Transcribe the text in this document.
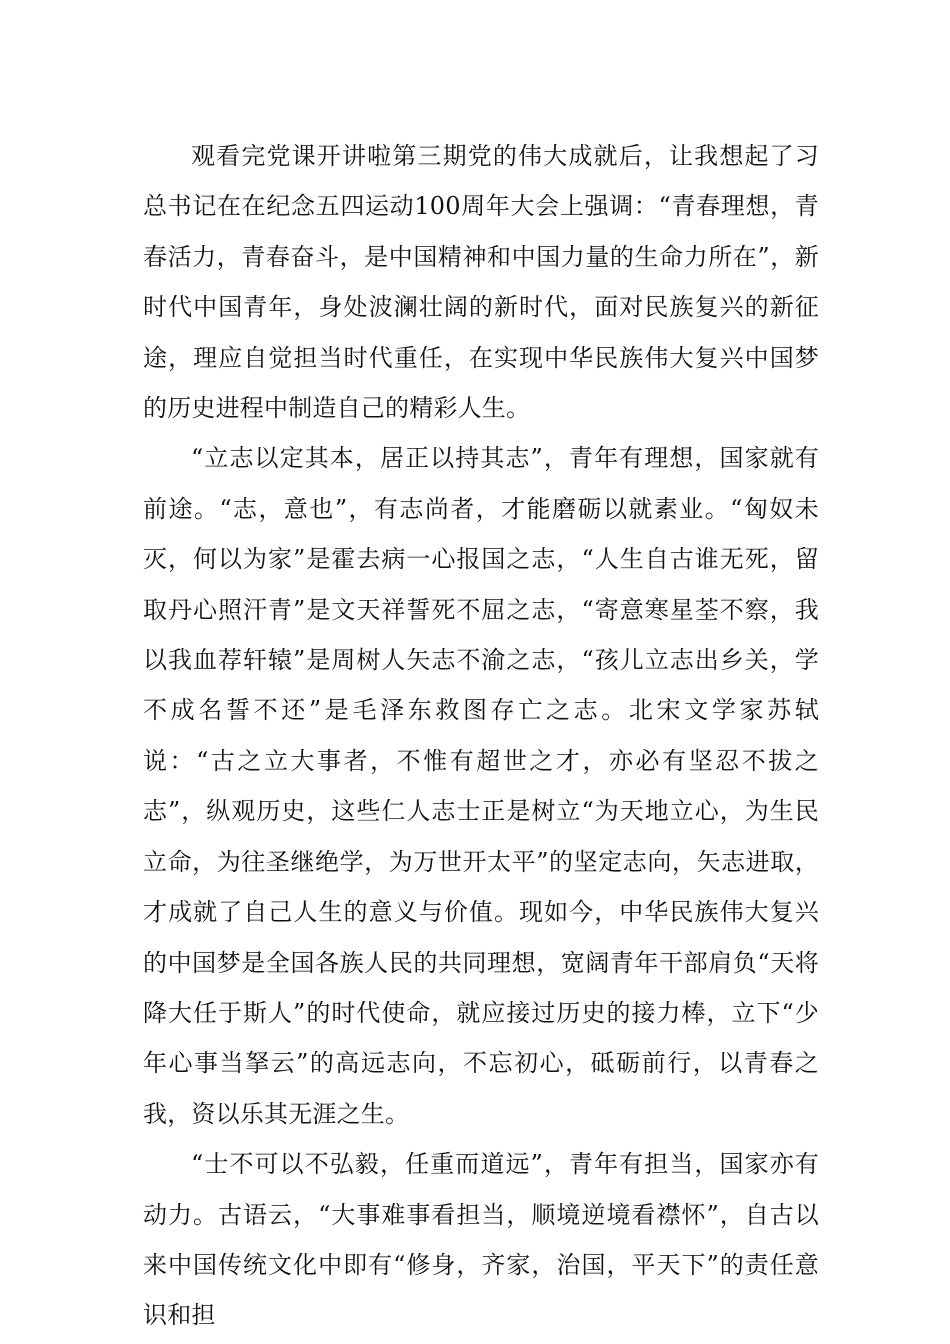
观看完党课开讲啦第三期党的伟大成就后，让我想起了习总书记在在纪念五四运动100周年大会上强调：“青春理想，青春活力，青春奋斗，是中国精神和中国力量的生命力所在”，新时代中国青年，身处波澜壮阔的新时代，面对民族复兴的新征途，理应自觉担当时代重任，在实现中华民族伟大复兴中国梦的历史进程中制造自己的精彩人生。

“立志以定其本，居正以持其志”，青年有理想，国家就有前途。“志，意也”，有志尚者，才能磨砺以就素业。“匈奴未灭，何以为家”是霍去病一心报国之志，“人生自古谁无死，留取丹心照汗青”是文天祥誓死不屈之志，“寄意寒星荃不察，我以我血荐轩辕”是周树人矢志不渝之志，“孩儿立志出乡关，学不成名誓不还”是毛泽东救图存亡之志。北宋文学家苏轼说：“古之立大事者，不惟有超世之才，亦必有坚忍不拔之志”，纵观历史，这些仁人志士正是树立“为天地立心，为生民立命，为往圣继绝学，为万世开太平”的坚定志向，矢志进取，才成就了自己人生的意义与价值。现如今，中华民族伟大复兴的中国梦是全国各族人民的共同理想，宽阔青年干部肩负“天将降大任于斯人”的时代使命，就应接过历史的接力棒，立下“少年心事当拏云”的高远志向，不忘初心，砥砺前行，以青春之我，资以乐其无涯之生。

“士不可以不弘毅，任重而道远”，青年有担当，国家亦有动力。古语云，“大事难事看担当，顺境逆境看襟怀”，自古以来中国传统文化中即有“修身，齐家，治国，平天下”的责任意识和担
